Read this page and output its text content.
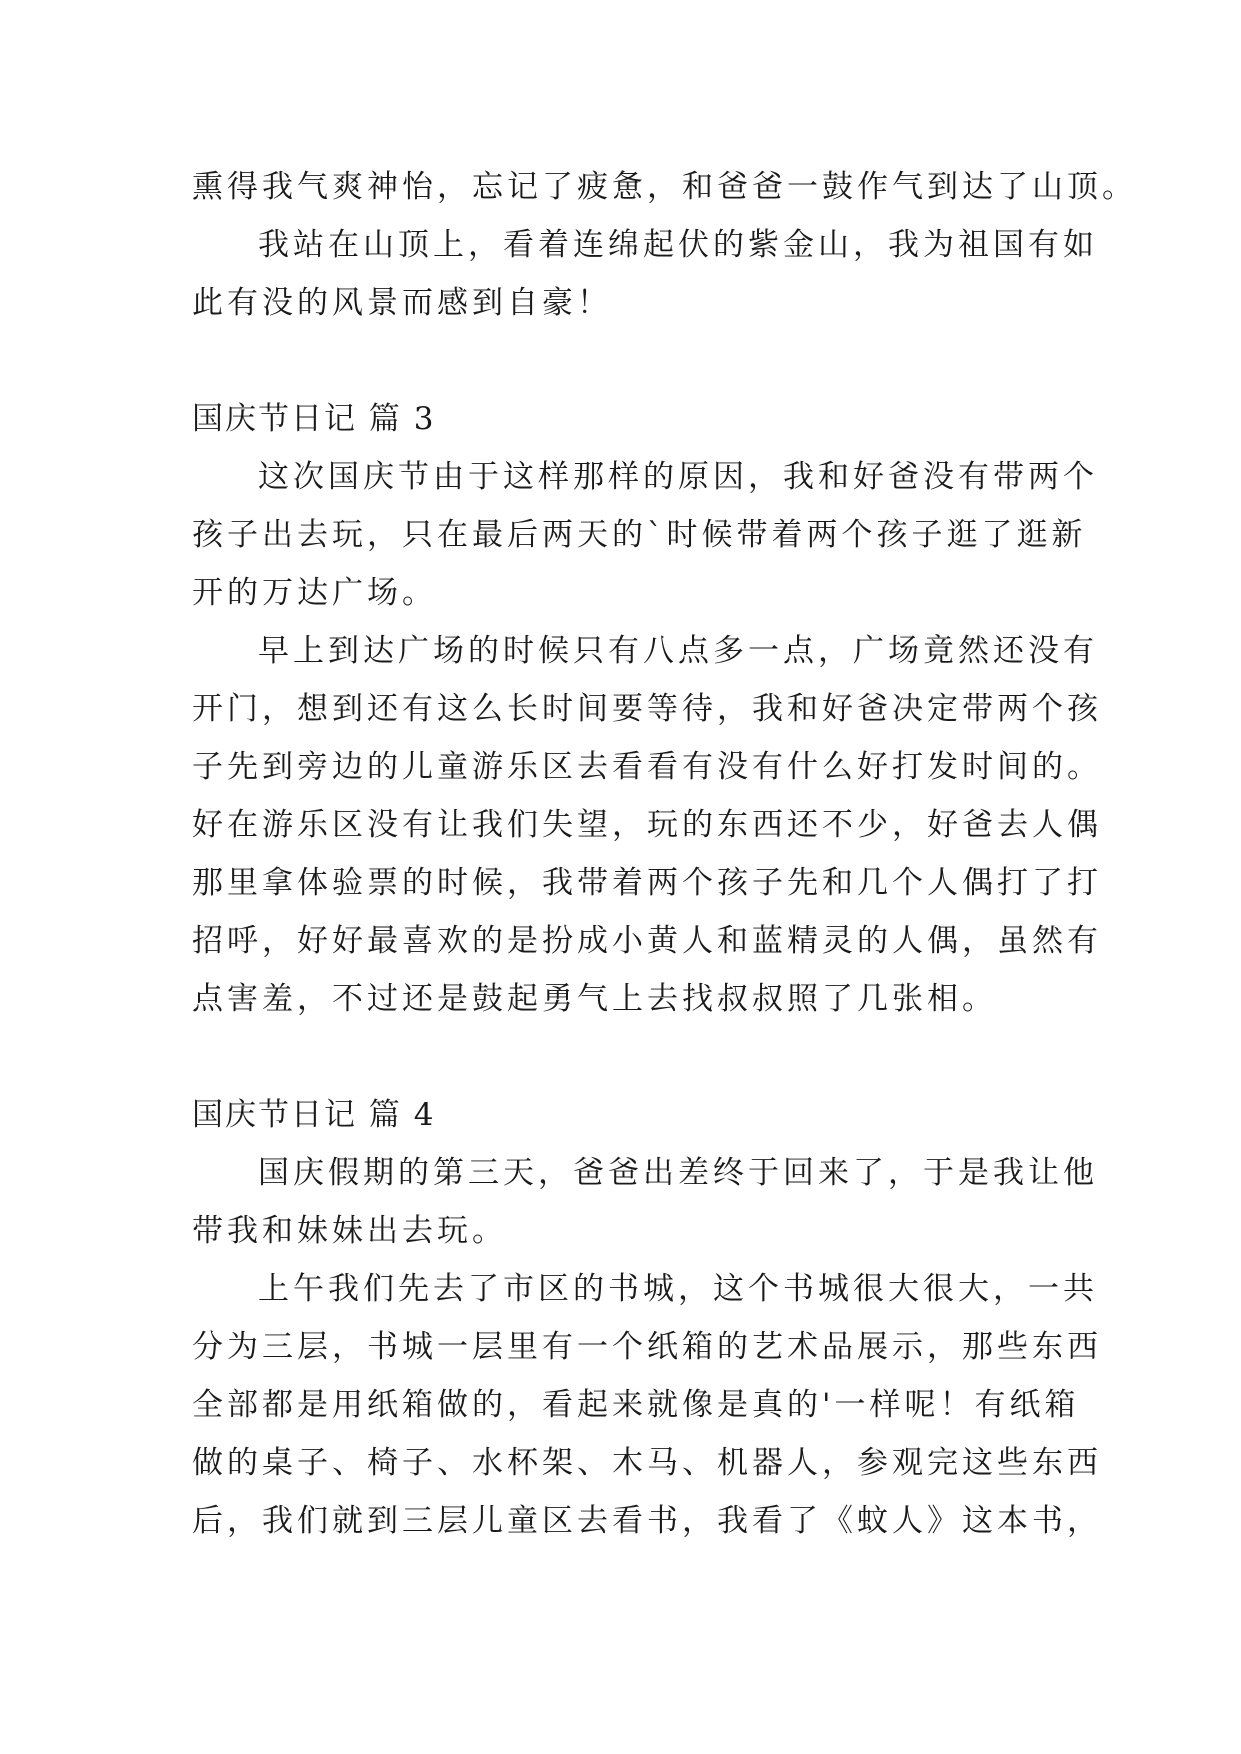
熏得我气爽神怡，忘记了疲惫，和爸爸一鼓作气到达了山顶。

我站在山顶上，看着连绵起伏的紫金山，我为祖国有如

此有没的风景而感到自豪！

国庆节日记 篇 3

这次国庆节由于这样那样的原因，我和好爸没有带两个

孩子出去玩，只在最后两天的`时候带着两个孩子逛了逛新

开的万达广场。

早上到达广场的时候只有八点多一点，广场竟然还没有

开门，想到还有这么长时间要等待，我和好爸决定带两个孩

子先到旁边的儿童游乐区去看看有没有什么好打发时间的。

好在游乐区没有让我们失望，玩的东西还不少，好爸去人偶

那里拿体验票的时候，我带着两个孩子先和几个人偶打了打

招呼，好好最喜欢的是扮成小黄人和蓝精灵的人偶，虽然有

点害羞，不过还是鼓起勇气上去找叔叔照了几张相。

国庆节日记 篇 4

国庆假期的第三天，爸爸出差终于回来了，于是我让他

带我和妹妹出去玩。

上午我们先去了市区的书城，这个书城很大很大，一共

分为三层，书城一层里有一个纸箱的艺术品展示，那些东西

全部都是用纸箱做的，看起来就像是真的'一样呢！有纸箱

做的桌子、椅子、水杯架、木马、机器人，参观完这些东西

后，我们就到三层儿童区去看书，我看了《蚊人》这本书，
